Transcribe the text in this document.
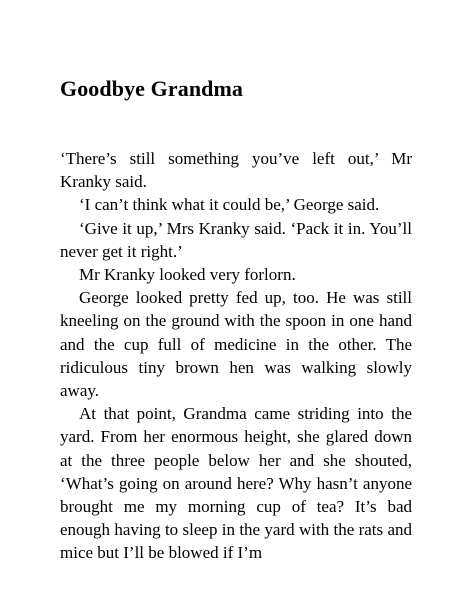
Goodbye Grandma

‘There’s still something you’ve left out,’ Mr Kranky said.

‘I can’t think what it could be,’ George said.

‘Give it up,’ Mrs Kranky said. ‘Pack it in. You’ll never get it right.’

Mr Kranky looked very forlorn.

George looked pretty fed up, too. He was still kneeling on the ground with the spoon in one hand and the cup full of medicine in the other. The ridiculous tiny brown hen was walking slowly away.

At that point, Grandma came striding into the yard. From her enormous height, she glared down at the three people below her and she shouted, ‘What’s going on around here? Why hasn’t anyone brought me my morning cup of tea? It’s bad enough having to sleep in the yard with the rats and mice but I’ll be blowed if I’m
